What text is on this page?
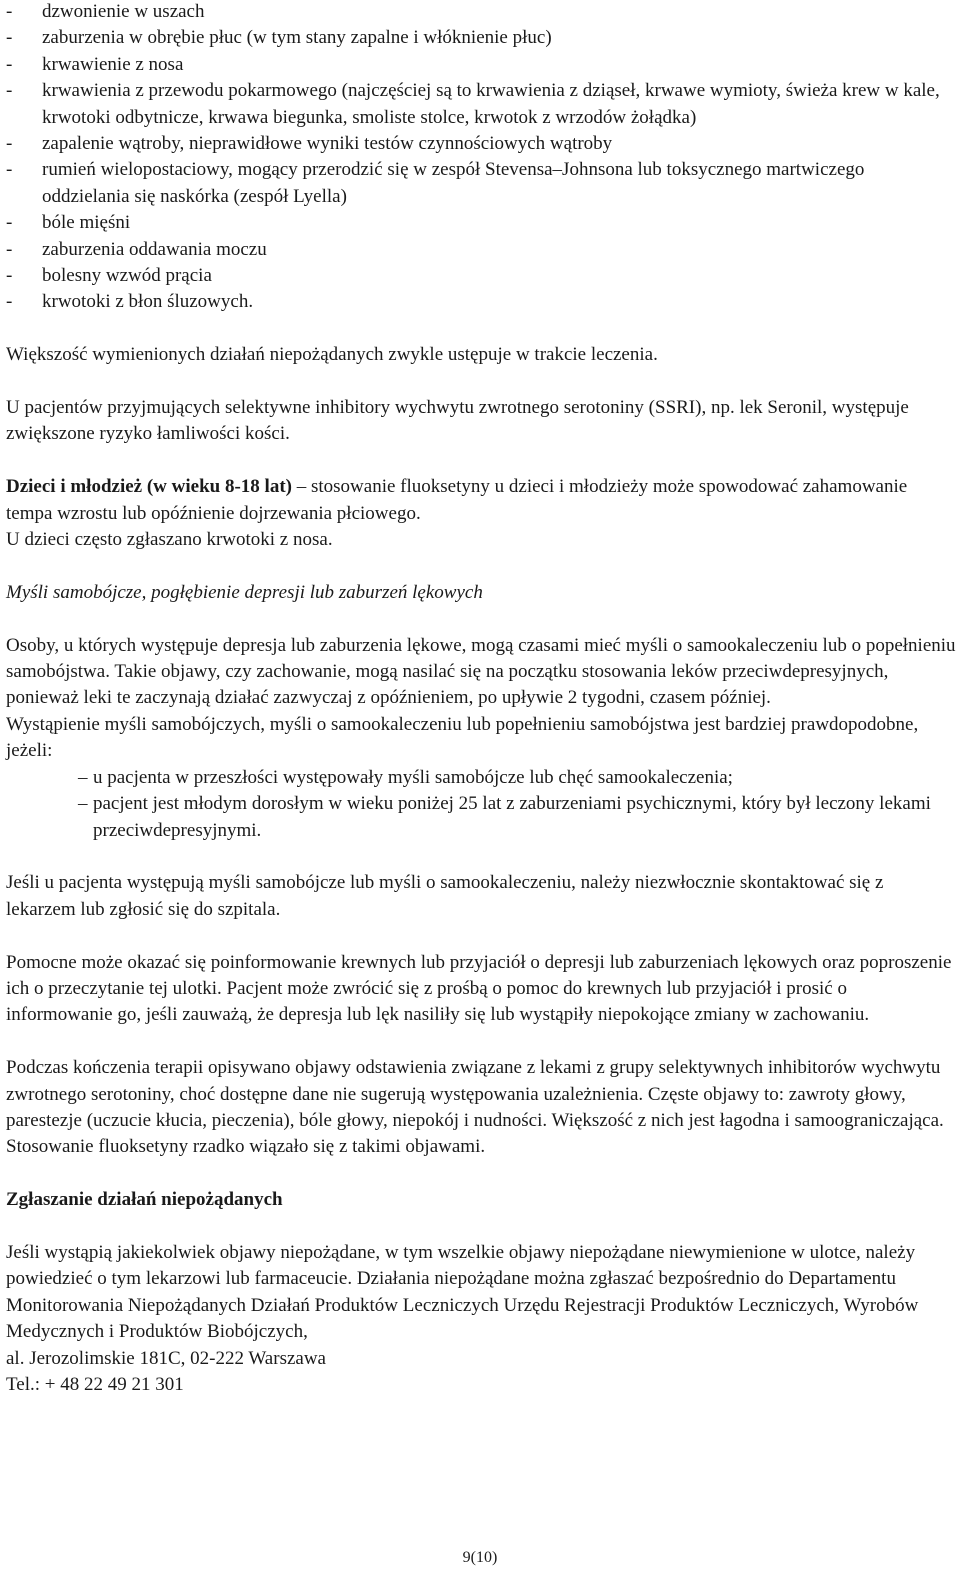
- dzwonienie w uszach
- zaburzenia w obrębie płuc (w tym stany zapalne i włóknienie płuc)
- krwawienie z nosa
- krwawienia z przewodu pokarmowego (najczęściej są to krwawienia z dziąseł, krwawe wymioty, świeża krew w kale, krwotoki odbytnicze, krwawa biegunka, smoliste stolce, krwotok z wrzodów żołądka)
- zapalenie wątroby, nieprawidłowe wyniki testów czynnościowych wątroby
- rumień wielopostaciowy, mogący przerodzić się w zespół Stevensa–Johnsona lub toksycznego martwiczego oddzielania się naskórka (zespół Lyella)
- bóle mięśni
- zaburzenia oddawania moczu
- bolesny wzwód prącia
- krwotoki z błon śluzowych.

Większość wymienionych działań niepożądanych zwykle ustępuje w trakcie leczenia.

U pacjentów przyjmujących selektywne inhibitory wychwytu zwrotnego serotoniny (SSRI), np. lek Seronil, występuje zwiększone ryzyko łamliwości kości.

Dzieci i młodzież (w wieku 8-18 lat) – stosowanie fluoksetyny u dzieci i młodzieży może spowodować zahamowanie tempa wzrostu lub opóźnienie dojrzewania płciowego.

U dzieci często zgłaszano krwotoki z nosa.

Myśli samobójcze, pogłębienie depresji lub zaburzeń lękowych

Osoby, u których występuje depresja lub zaburzenia lękowe, mogą czasami mieć myśli o samookaleczeniu lub o popełnieniu samobójstwa. Takie objawy, czy zachowanie, mogą nasilać się na początku stosowania leków przeciwdepresyjnych, ponieważ leki te zaczynają działać zazwyczaj z opóźnieniem, po upływie 2 tygodni, czasem później.

Wystąpienie myśli samobójczych, myśli o samookaleczeniu lub popełnieniu samobójstwa jest bardziej prawdopodobne, jeżeli:

– u pacjenta w przeszłości występowały myśli samobójcze lub chęć samookaleczenia;
– pacjent jest młodym dorosłym w wieku poniżej 25 lat z zaburzeniami psychicznymi, który był leczony lekami przeciwdepresyjnymi.

Jeśli u pacjenta występują myśli samobójcze lub myśli o samookaleczeniu, należy niezwłocznie skontaktować się z lekarzem lub zgłosić się do szpitala.

Pomocne może okazać się poinformowanie krewnych lub przyjaciół o depresji lub zaburzeniach lękowych oraz poproszenie ich o przeczytanie tej ulotki. Pacjent może zwrócić się z prośbą o pomoc do krewnych lub przyjaciół i prosić o informowanie go, jeśli zauważą, że depresja lub lęk nasiliły się lub wystąpiły niepokojące zmiany w zachowaniu.

Podczas kończenia terapii opisywano objawy odstawienia związane z lekami z grupy selektywnych inhibitorów wychwytu zwrotnego serotoniny, choć dostępne dane nie sugerują występowania uzależnienia. Częste objawy to: zawroty głowy, parestezje (uczucie kłucia, pieczenia), bóle głowy, niepokój i nudności. Większość z nich jest łagodna i samoograniczająca. Stosowanie fluoksetyny rzadko wiązało się z takimi objawami.

Zgłaszanie działań niepożądanych

Jeśli wystąpią jakiekolwiek objawy niepożądane, w tym wszelkie objawy niepożądane niewymienione w ulotce, należy powiedzieć o tym lekarzowi lub farmaceucie. Działania niepożądane można zgłaszać bezpośrednio do Departamentu Monitorowania Niepożądanych Działań Produktów Leczniczych Urzędu Rejestracji Produktów Leczniczych, Wyrobów Medycznych i Produktów Biobójczych,

al. Jerozolimskie 181C, 02-222 Warszawa

Tel.: + 48 22 49 21 301

9(10)
